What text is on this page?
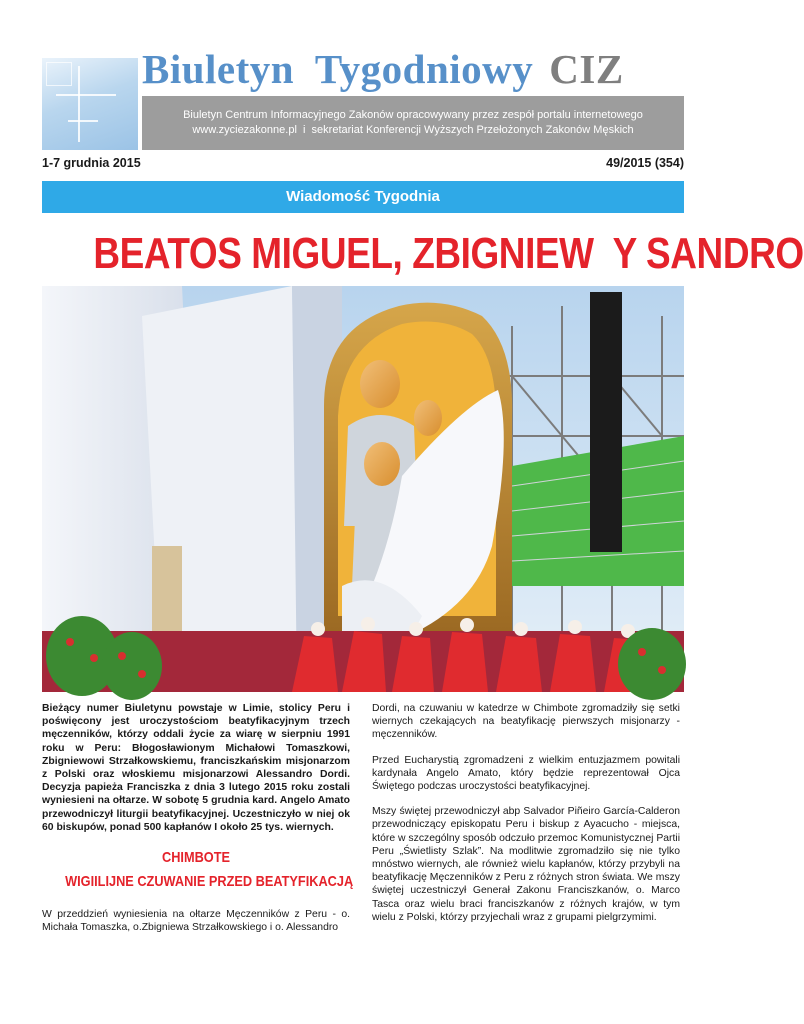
Biuletyn  Tygodniowy CIZ
Biuletyn Centrum Informacyjnego Zakonów opracowywany przez zespół portalu internetowego
www.zyciezakonne.pl  i  sekretariat Konferencji Wyższych Przełożonych Zakonów Męskich
1-7 grudnia 2015	49/2015 (354)
Wiadomość Tygodnia
BEATOS MIGUEL, ZBIGNIEW  Y SANDRO

Bieżący numer Biuletynu powstaje w Limie, stolicy Peru i poświęcony jest uroczystościom beatyfikacyjnym trzech męczenników, którzy oddali życie za wiarę w sierpniu 1991 roku w Peru: Błogosławionym Michałowi Tomaszkowi, Zbigniewowi Strzałkowskiemu, franciszkańskim misjonarzom z Polski oraz włoskiemu misjonarzowi Alessandro Dordi. Decyzja papieża Franciszka z dnia 3 lutego 2015 roku zostali wyniesieni na ołtarze. W sobotę 5 grudnia kard. Angelo Amato przewodniczył liturgii beatyfikacyjnej. Uczestniczyło w niej ok 60 biskupów, ponad 500 kapłanów I około 25 tys. wiernych.

CHIMBOTE
WIGIILIJNE CZUWANIE PRZED BEATYFIKACJĄ

W przeddzień wyniesienia na ołtarze Męczenników z Peru - o. Michała Tomaszka, o.Zbigniewa Strzałkowskiego i o. Alessandro

Dordi, na czuwaniu w katedrze w Chimbote zgromadziły się setki wiernych czekających na beatyfikację pierwszych misjonarzy - męczenników.

Przed Eucharystią zgromadzeni z wielkim entuzjazmem powitali kardynała Angelo Amato, który będzie reprezentował Ojca Świętego podczas uroczystości beatyfikacyjnej.

Mszy świętej przewodniczył abp Salvador Piñeiro García-Calderon przewodniczący episkopatu Peru i biskup z Ayacucho - miejsca, które w szczególny sposób odczuło przemoc Komunistycznej Partii Peru „Świetlisty Szlak”. Na modlitwie zgromadziło się nie tylko mnóstwo wiernych, ale również wielu kapłanów, którzy przybyli na beatyfikację Męczenników z Peru z różnych stron świata. We mszy świętej uczestniczył Generał Zakonu Franciszkanów, o. Marco Tasca oraz wielu braci franciszkanów z różnych krajów, w tym wielu z Polski, którzy przyjechali wraz z grupami pielgrzymimi.
